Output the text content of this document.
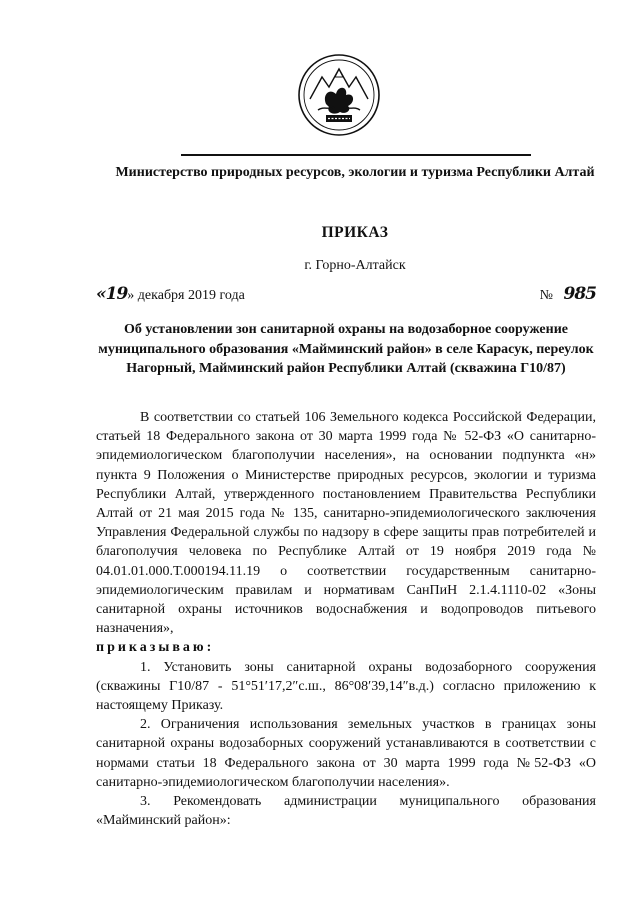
Министерство природных ресурсов, экологии и туризма Республики Алтай
ПРИКАЗ
г. Горно-Алтайск
«19» декабря 2019 года	№ 985
Об установлении зон санитарной охраны на водозаборное сооружение муниципального образования «Майминский район» в селе Карасук, переулок Нагорный, Майминский район Республики Алтай (скважина Г10/87)

В соответствии со статьей 106 Земельного кодекса Российской Федерации, статьей 18 Федерального закона от 30 марта 1999 года № 52-ФЗ «О санитарно-эпидемиологическом благополучии населения», на основании подпункта «н» пункта 9 Положения о Министерстве природных ресурсов, экологии и туризма Республики Алтай, утвержденного постановлением Правительства Республики Алтай от 21 мая 2015 года № 135, санитарно-эпидемиологического заключения Управления Федеральной службы по надзору в сфере защиты прав потребителей и благополучия человека по Республике Алтай от 19 ноября 2019 года № 04.01.01.000.Т.000194.11.19 о соответствии государственным санитарно-эпидемиологическим правилам и нормативам СанПиН 2.1.4.1110-02 «Зоны санитарной охраны источников водоснабжения и водопроводов питьевого назначения»,

приказываю:

1. Установить зоны санитарной охраны водозаборного сооружения (скважины Г10/87 - 51°51′17,2″с.ш., 86°08′39,14″в.д.) согласно приложению к настоящему Приказу.

2. Ограничения использования земельных участков в границах зоны санитарной охраны водозаборных сооружений устанавливаются в соответствии с нормами статьи 18 Федерального закона от 30 марта 1999 года №52-ФЗ «О санитарно-эпидемиологическом благополучии населения».

3. Рекомендовать администрации муниципального образования «Майминский район»:
